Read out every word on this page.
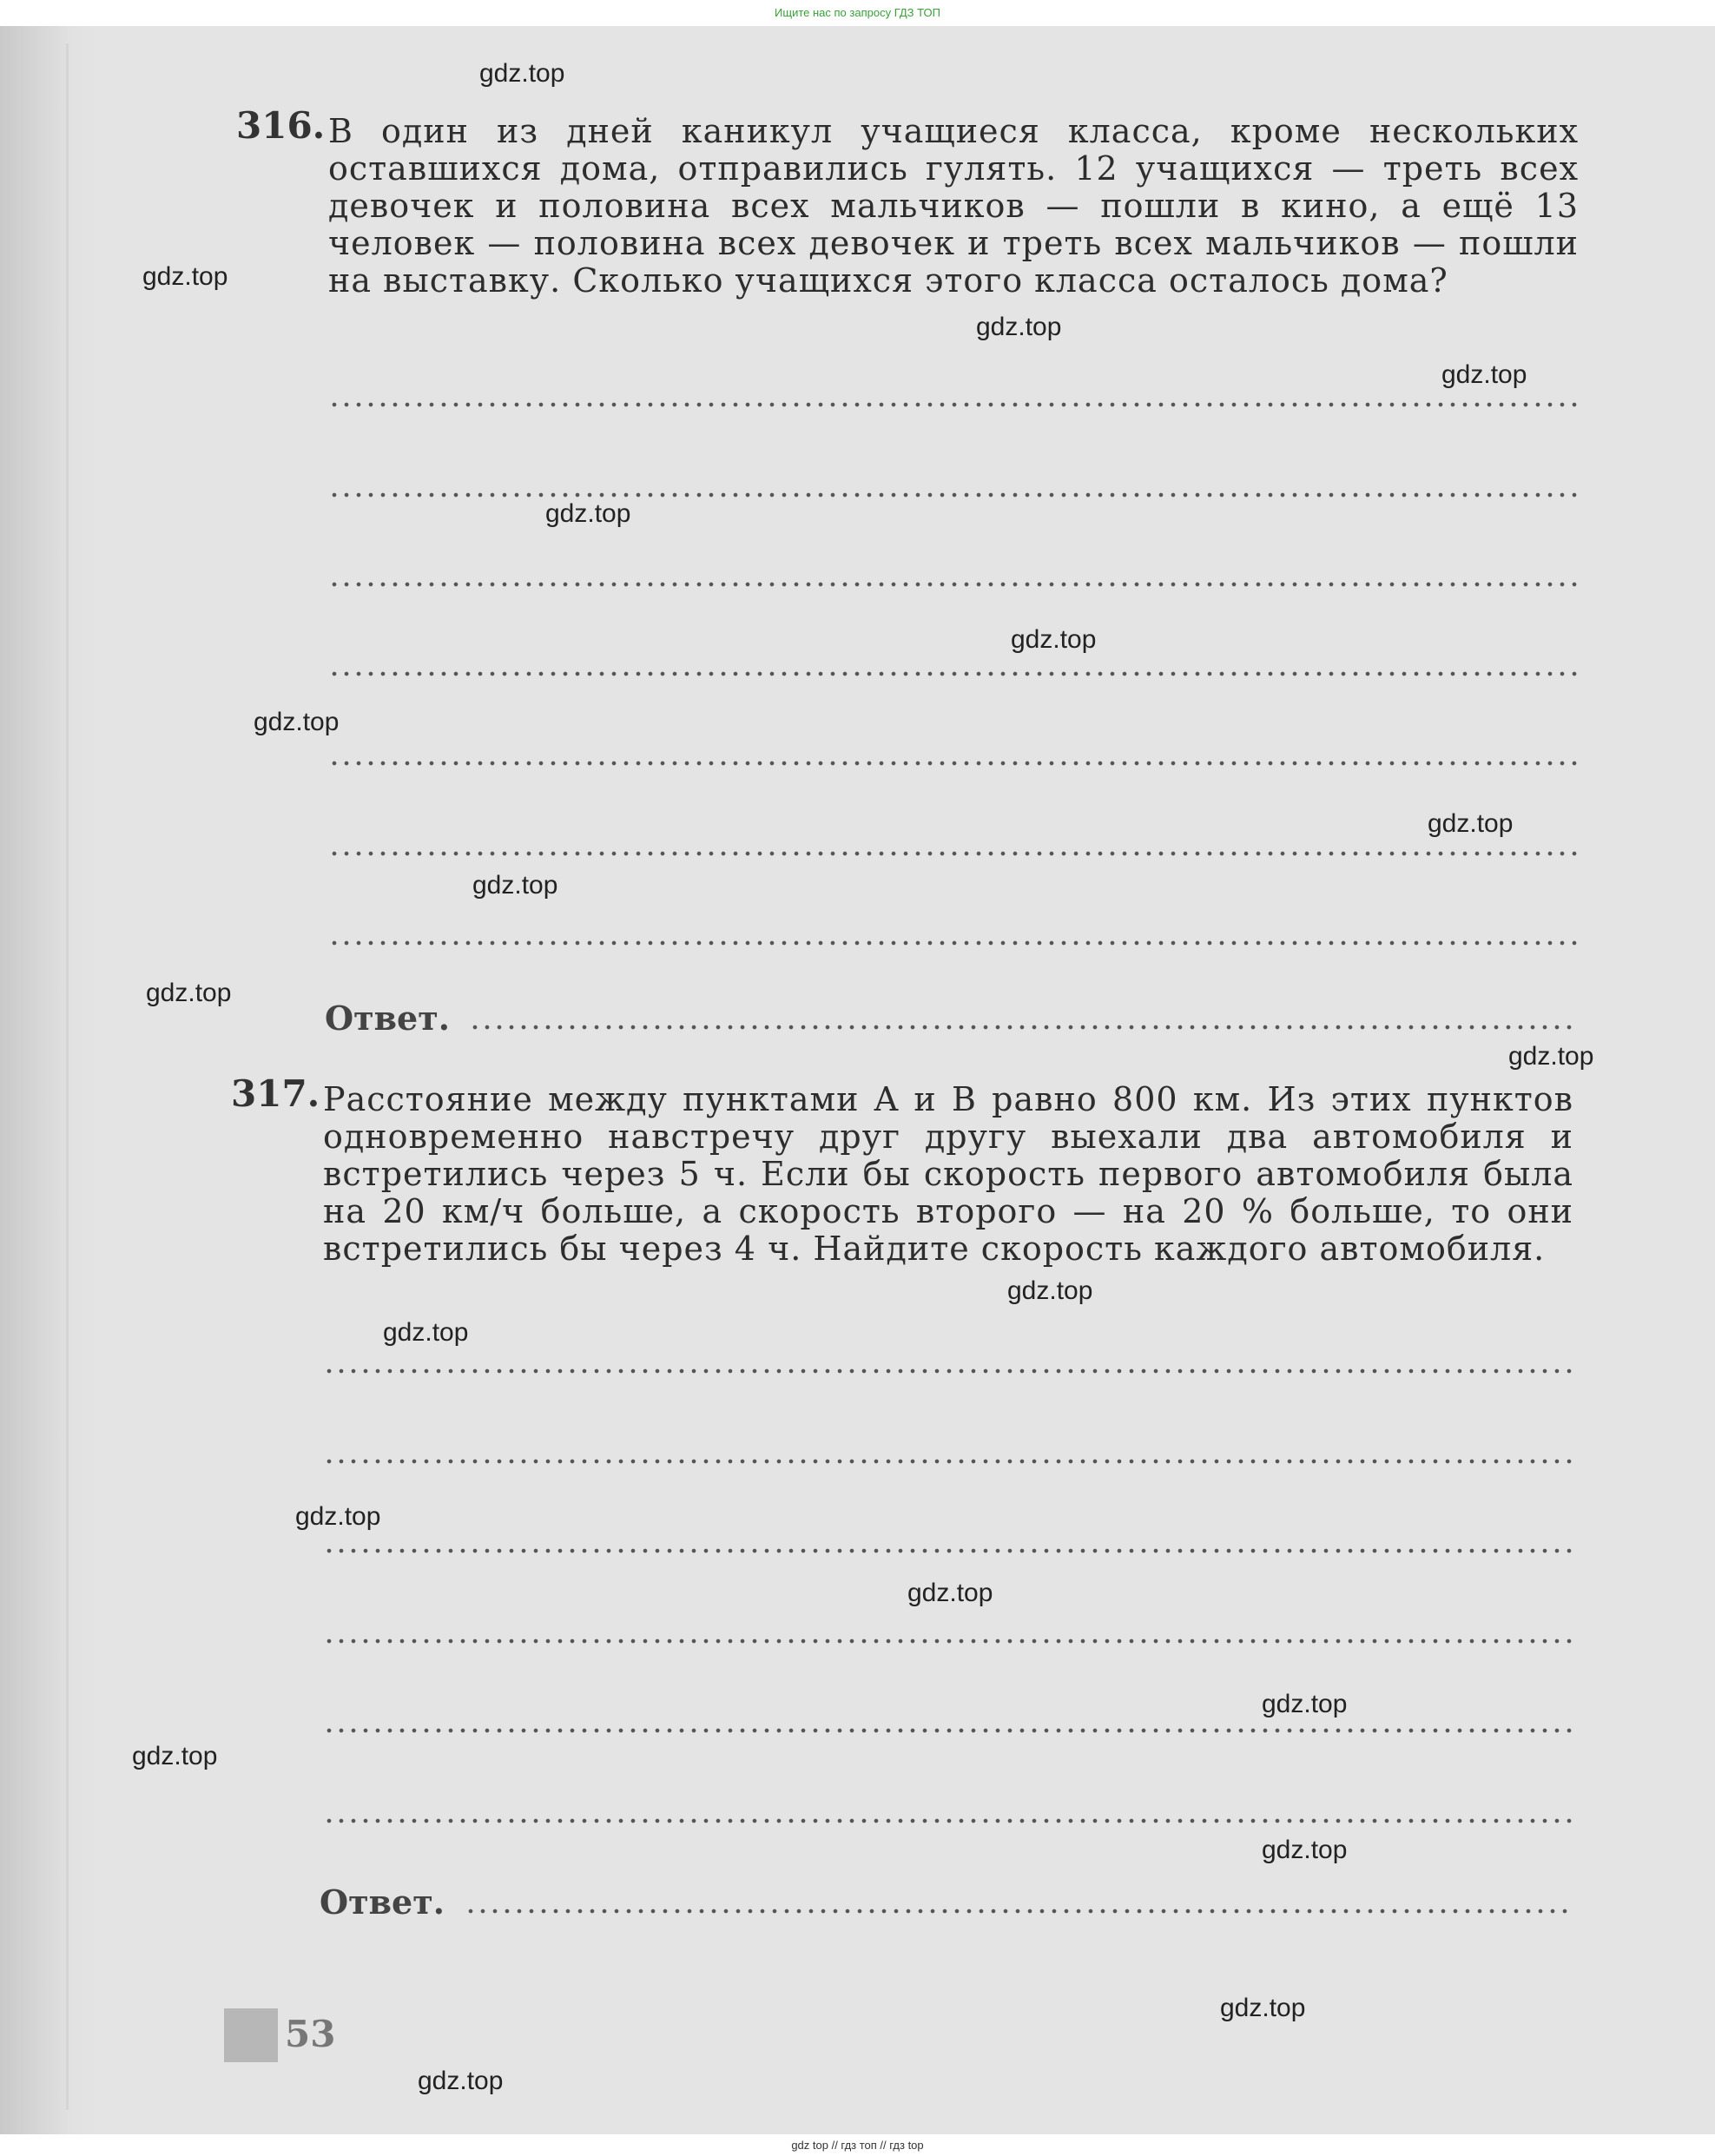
Ищите нас по запросу ГДЗ ТОП
316. В один из дней каникул учащиеся класса, кроме нескольких оставшихся дома, отправились гулять. 12 учащихся — треть всех девочек и половина всех мальчиков — пошли в кино, а ещё 13 человек — половина всех девочек и треть всех мальчиков — пошли на выставку. Сколько учащихся этого класса осталось дома?
Ответ.
317. Расстояние между пунктами A и B равно 800 км. Из этих пунктов одновременно навстречу друг другу выехали два автомобиля и встретились через 5 ч. Если бы скорость первого автомобиля была на 20 км/ч больше, а скорость второго — на 20 % больше, то они встретились бы через 4 ч. Найдите скорость каждого автомобиля.
Ответ.
53
gdz.top
gdz.top
gdz.top
gdz.top
gdz.top
gdz.top
gdz.top
gdz.top
gdz.top
gdz.top
gdz.top
gdz.top
gdz.top
gdz.top
gdz.top
gdz.top
gdz.top
gdz.top
gdz.top
gdz.top
gdz top // гдз топ // гдз top
